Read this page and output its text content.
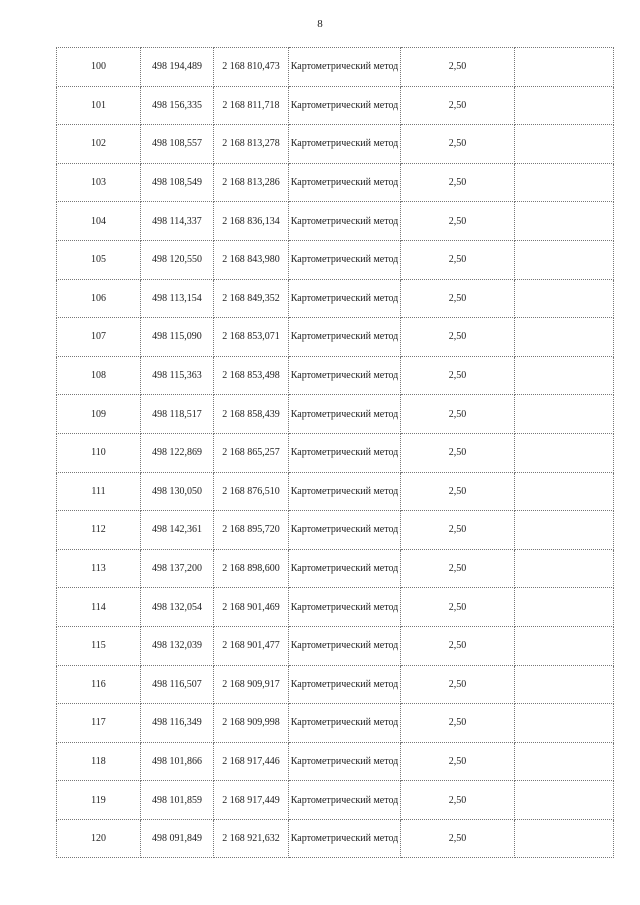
8
100	498 194,489	2 168 810,473	Картометрический метод	2,50	
101	498 156,335	2 168 811,718	Картометрический метод	2,50	
102	498 108,557	2 168 813,278	Картометрический метод	2,50	
103	498 108,549	2 168 813,286	Картометрический метод	2,50	
104	498 114,337	2 168 836,134	Картометрический метод	2,50	
105	498 120,550	2 168 843,980	Картометрический метод	2,50	
106	498 113,154	2 168 849,352	Картометрический метод	2,50	
107	498 115,090	2 168 853,071	Картометрический метод	2,50	
108	498 115,363	2 168 853,498	Картометрический метод	2,50	
109	498 118,517	2 168 858,439	Картометрический метод	2,50	
110	498 122,869	2 168 865,257	Картометрический метод	2,50	
111	498 130,050	2 168 876,510	Картометрический метод	2,50	
112	498 142,361	2 168 895,720	Картометрический метод	2,50	
113	498 137,200	2 168 898,600	Картометрический метод	2,50	
114	498 132,054	2 168 901,469	Картометрический метод	2,50	
115	498 132,039	2 168 901,477	Картометрический метод	2,50	
116	498 116,507	2 168 909,917	Картометрический метод	2,50	
117	498 116,349	2 168 909,998	Картометрический метод	2,50	
118	498 101,866	2 168 917,446	Картометрический метод	2,50	
119	498 101,859	2 168 917,449	Картометрический метод	2,50	
120	498 091,849	2 168 921,632	Картометрический метод	2,50	
